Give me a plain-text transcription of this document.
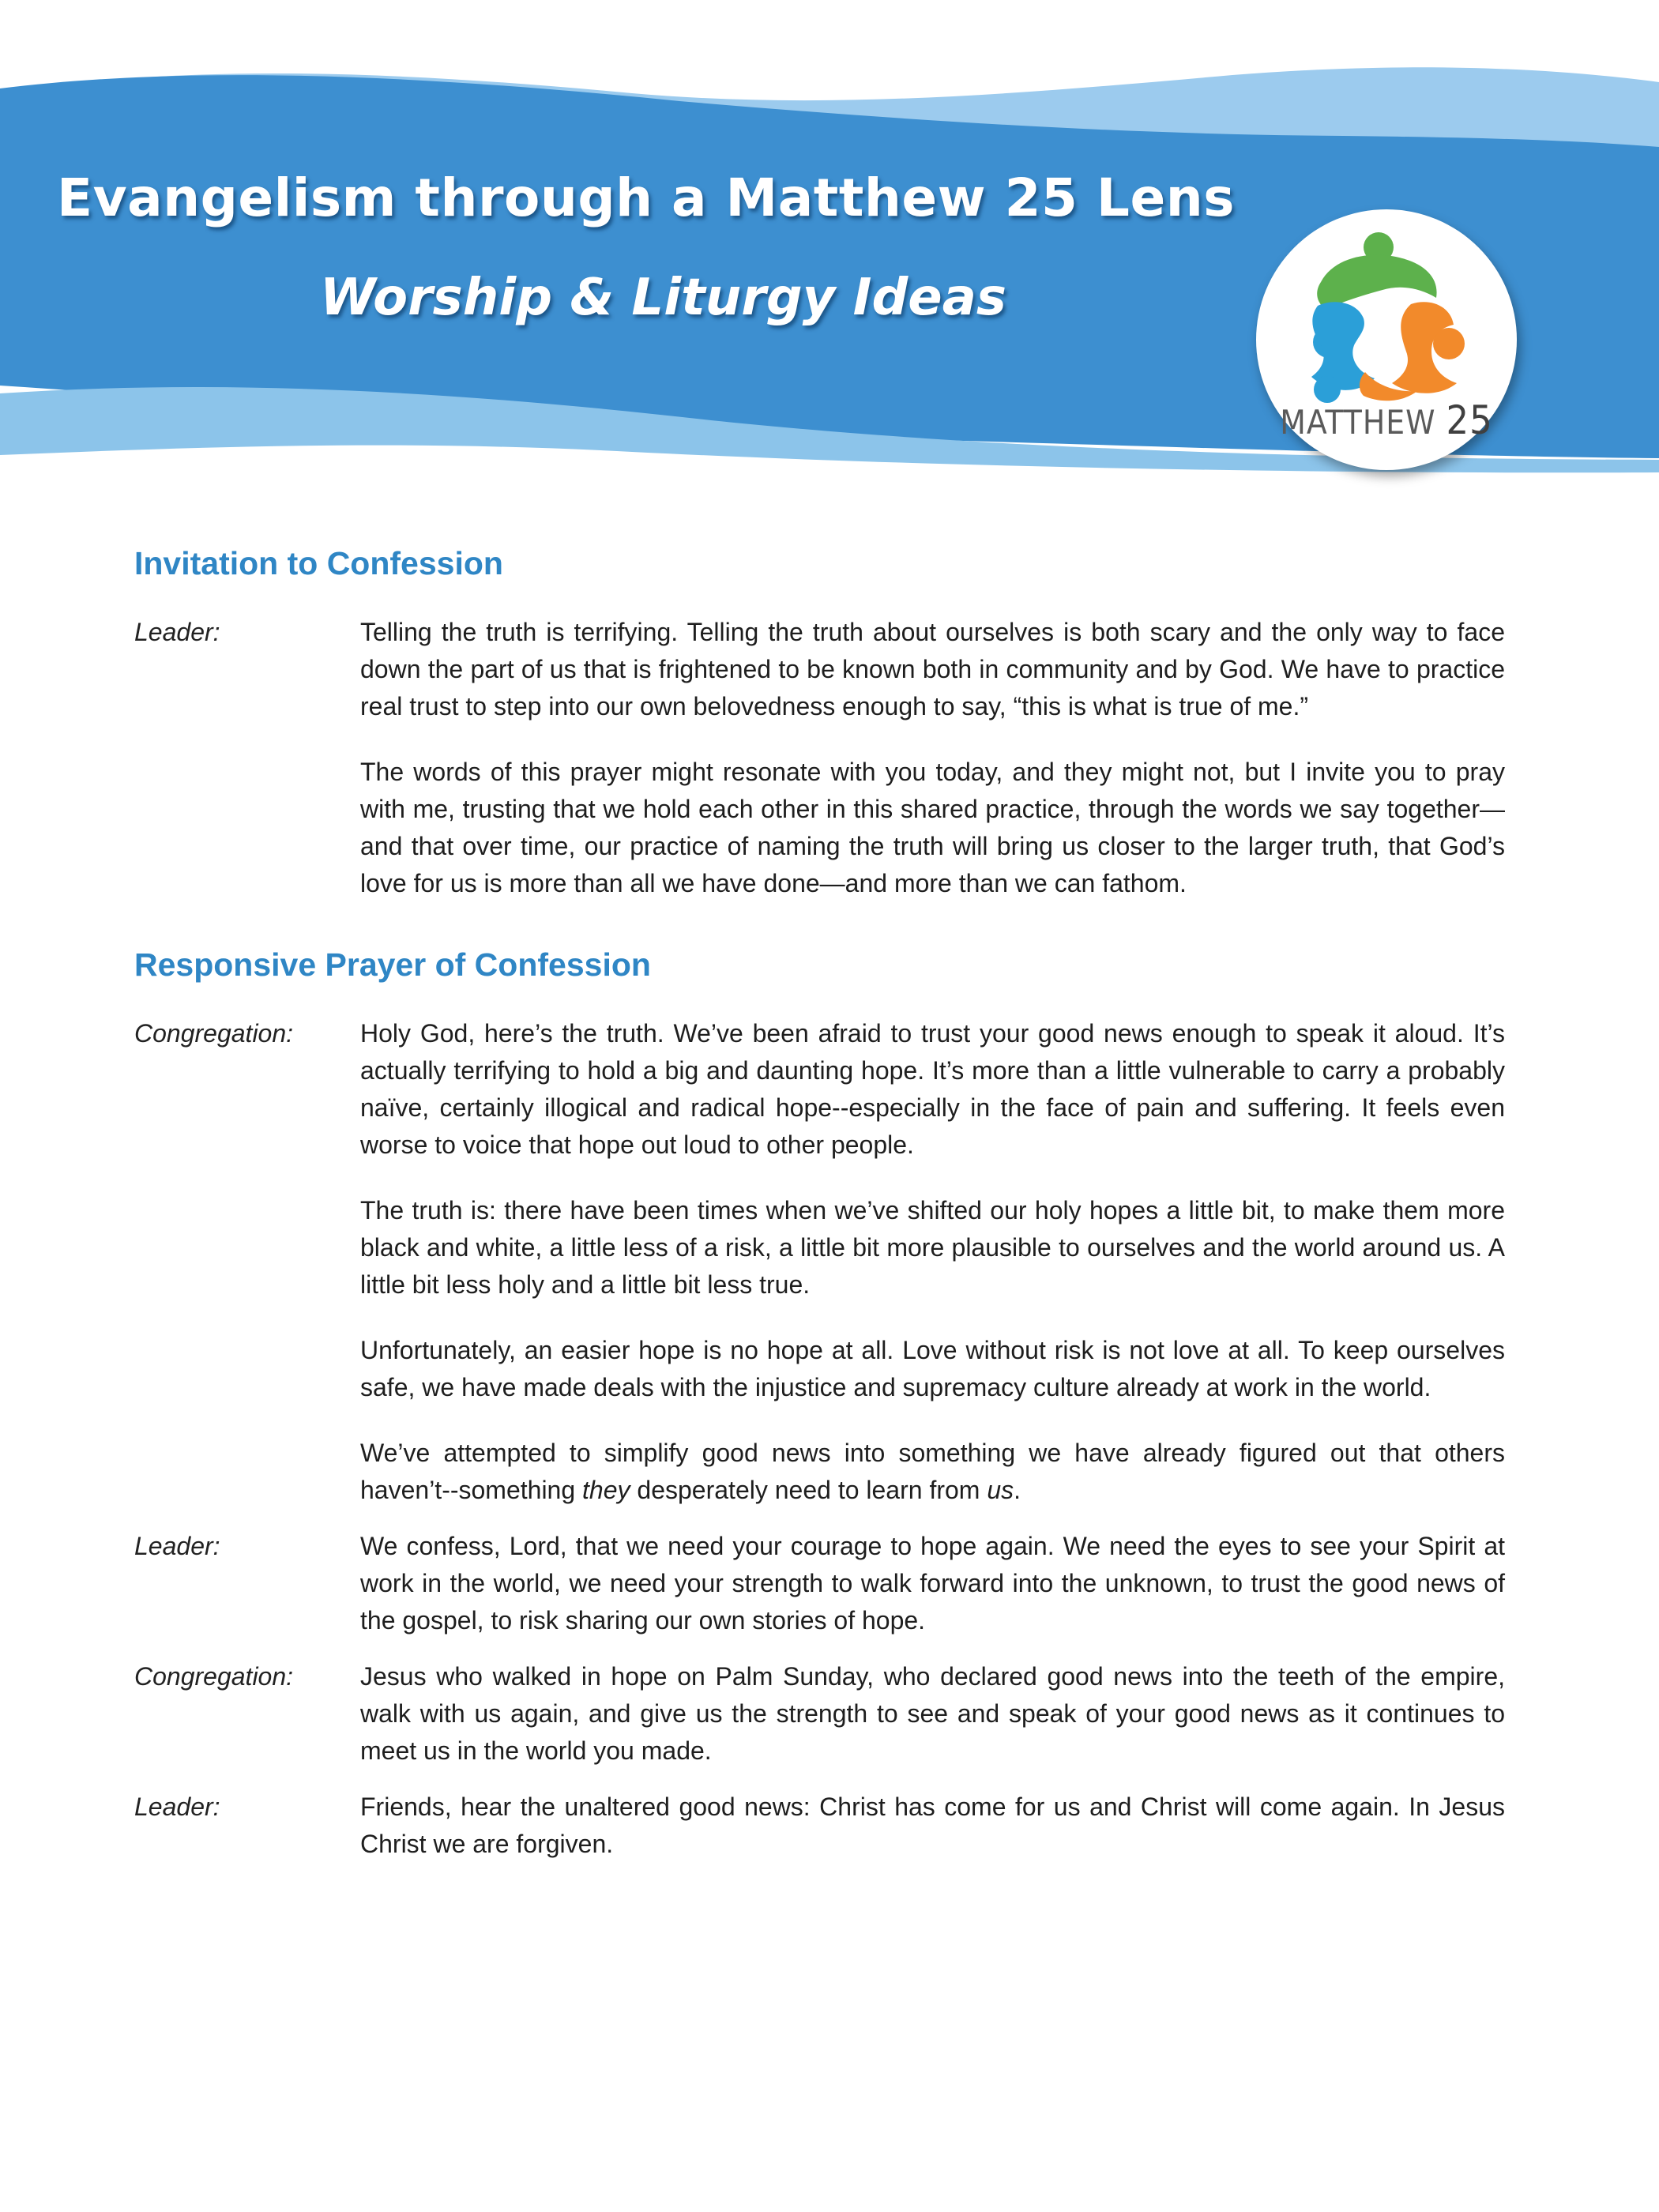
Evangelism through a Matthew 25 Lens
Worship & Liturgy Ideas
MATTHEW 25
Invitation to Confession
Leader:	Telling the truth is terrifying. Telling the truth about ourselves is both scary and the only way to face down the part of us that is frightened to be known both in community and by God. We have to practice real trust to step into our own belovedness enough to say, “this is what is true of me.”

The words of this prayer might resonate with you today, and they might not, but I invite you to pray with me, trusting that we hold each other in this shared practice, through the words we say together—and that over time, our practice of naming the truth will bring us closer to the larger truth, that God’s love for us is more than all we have done—and more than we can fathom.

Responsive Prayer of Confession
Congregation:	Holy God, here’s the truth. We’ve been afraid to trust your good news enough to speak it aloud. It’s actually terrifying to hold a big and daunting hope. It’s more than a little vulnerable to carry a probably naïve, certainly illogical and radical hope--especially in the face of pain and suffering. It feels even worse to voice that hope out loud to other people.

The truth is: there have been times when we’ve shifted our holy hopes a little bit, to make them more black and white, a little less of a risk, a little bit more plausible to ourselves and the world around us. A little bit less holy and a little bit less true.

Unfortunately, an easier hope is no hope at all. Love without risk is not love at all. To keep ourselves safe, we have made deals with the injustice and supremacy culture already at work in the world.

We’ve attempted to simplify good news into something we have already figured out that others haven’t--something they desperately need to learn from us.

Leader:	We confess, Lord, that we need your courage to hope again. We need the eyes to see your Spirit at work in the world, we need your strength to walk forward into the unknown, to trust the good news of the gospel, to risk sharing our own stories of hope.

Congregation:	Jesus who walked in hope on Palm Sunday, who declared good news into the teeth of the empire, walk with us again, and give us the strength to see and speak of your good news as it continues to meet us in the world you made.

Leader:	Friends, hear the unaltered good news: Christ has come for us and Christ will come again. In Jesus Christ we are forgiven.
